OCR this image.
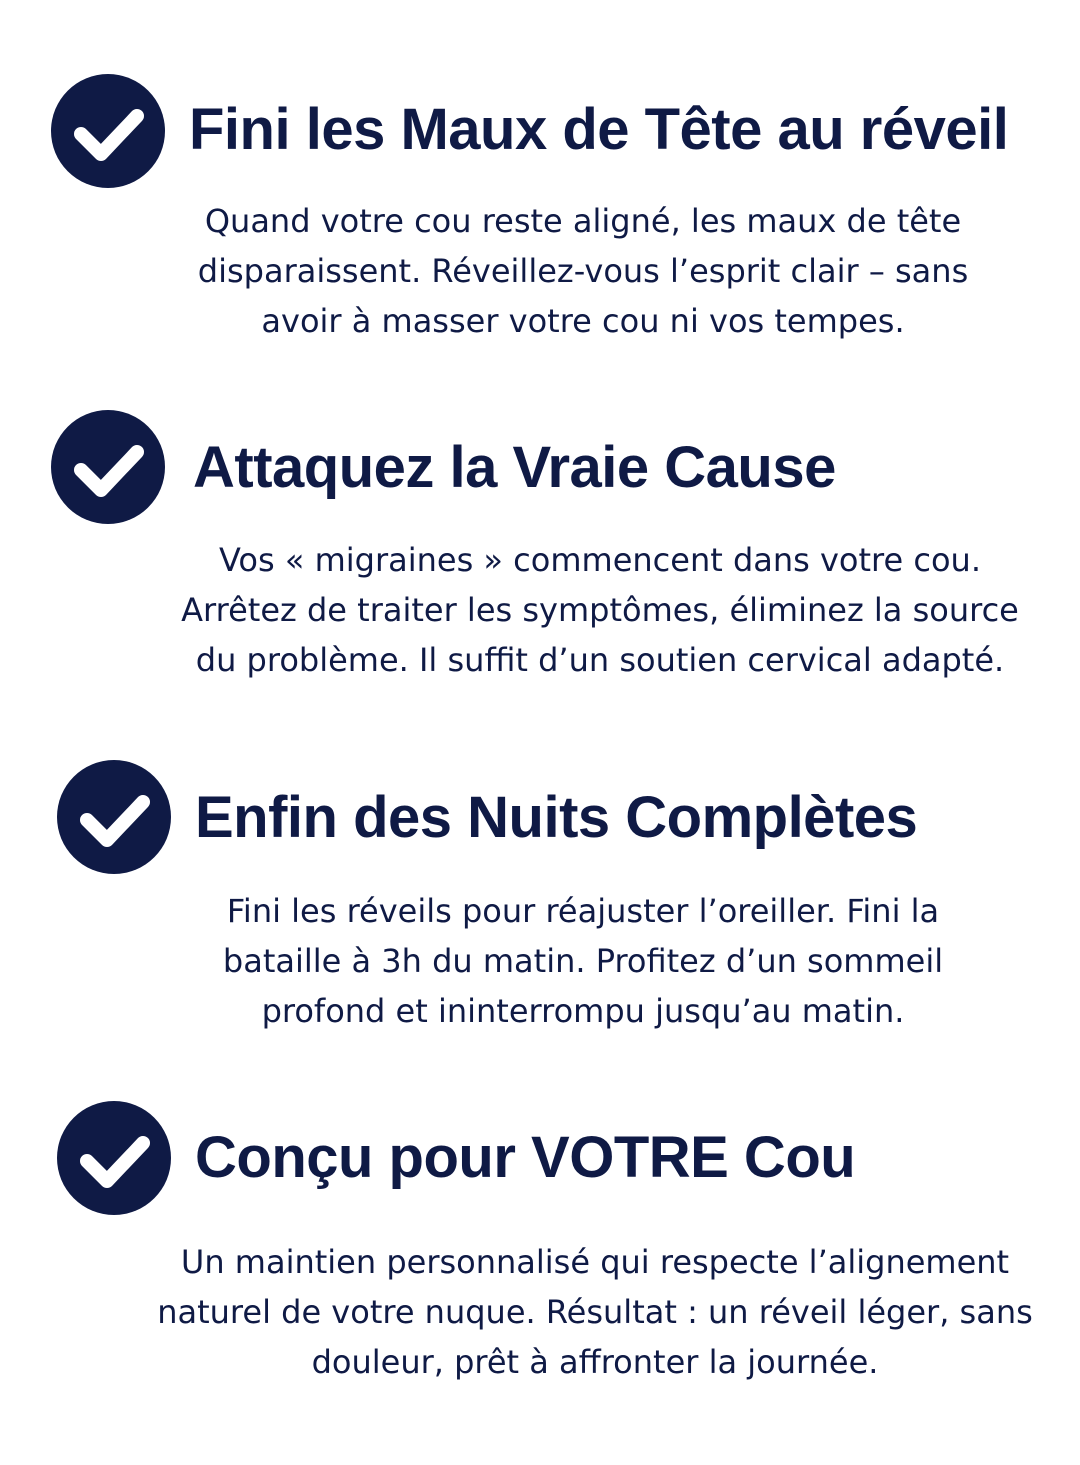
Fini les Maux de Tête au réveil

Quand votre cou reste aligné, les maux de tête
disparaissent. Réveillez-vous l’esprit clair – sans
avoir à masser votre cou ni vos tempes.

Attaquez la Vraie Cause

Vos « migraines » commencent dans votre cou.
Arrêtez de traiter les symptômes, éliminez la source
du problème. Il suffit d’un soutien cervical adapté.

Enfin des Nuits Complètes

Fini les réveils pour réajuster l’oreiller. Fini la
bataille à 3h du matin. Profitez d’un sommeil
profond et ininterrompu jusqu’au matin.

Conçu pour VOTRE Cou

Un maintien personnalisé qui respecte l’alignement
naturel de votre nuque. Résultat : un réveil léger, sans
douleur, prêt à affronter la journée.
